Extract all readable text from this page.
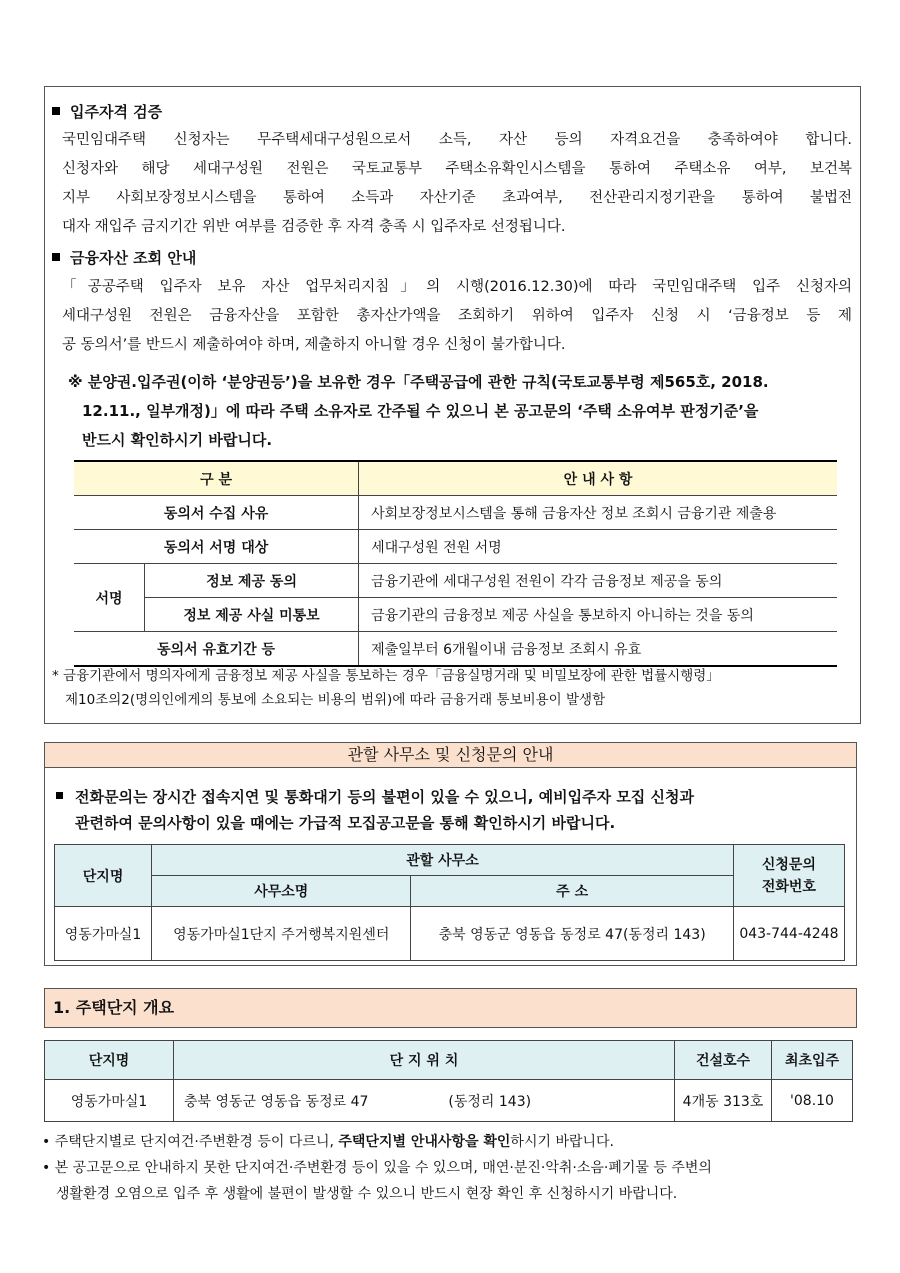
입주자격 검증
국민임대주택 신청자는 무주택세대구성원으로서 소득, 자산 등의 자격요건을 충족하여야 합니다.
신청자와 해당 세대구성원 전원은 국토교통부 주택소유확인시스템을 통하여 주택소유 여부, 보건복
지부 사회보장정보시스템을 통하여 소득과 자산기준 초과여부, 전산관리지정기관을 통하여 불법전
대자 재입주 금지기간 위반 여부를 검증한 후 자격 충족 시 입주자로 선정됩니다.
금융자산 조회 안내
「공공주택 입주자 보유 자산 업무처리지침」의 시행(2016.12.30)에 따라 국민임대주택 입주 신청자의
세대구성원 전원은 금융자산을 포함한 총자산가액을 조회하기 위하여 입주자 신청 시 ‘금융정보 등 제
공 동의서’를 반드시 제출하여야 하며, 제출하지 아니할 경우 신청이 불가합니다.
※ 분양권.입주권(이하 ‘분양권등’)을 보유한 경우「주택공급에 관한 규칙(국토교통부령 제565호, 2018.
12.11., 일부개정)」에 따라 주택 소유자로 간주될 수 있으니 본 공고문의 ‘주택 소유여부 판정기준’을
반드시 확인하시기 바랍니다.
구 분		안 내 사 항
동의서 수집 사유		사회보장정보시스템을 통해 금융자산 정보 조회시 금융기관 제출용
동의서 서명 대상		세대구성원 전원 서명
서명	정보 제공 동의	금융기관에 세대구성원 전원이 각각 금융정보 제공을 동의
	정보 제공 사실 미통보	금융기관의 금융정보 제공 사실을 통보하지 아니하는 것을 동의
동의서 유효기간 등		제출일부터 6개월이내 금융정보 조회시 유효
* 금융기관에서 명의자에게 금융정보 제공 사실을 통보하는 경우「금융실명거래 및 비밀보장에 관한 법률시행령」
제10조의2(명의인에게의 통보에 소요되는 비용의 범위)에 따라 금융거래 통보비용이 발생함
관할 사무소 및 신청문의 안내
전화문의는 장시간 접속지연 및 통화대기 등의 불편이 있을 수 있으니, 예비입주자 모집 신청과
관련하여 문의사항이 있을 때에는 가급적 모집공고문을 통해 확인하시기 바랍니다.
단지명	관할 사무소		신청문의
전화번호
	사무소명	주 소	
영동가마실1	영동가마실1단지 주거행복지원센터	충북 영동군 영동읍 동정로 47(동정리 143)	043-744-4248
1. 주택단지 개요
단지명	단 지 위 치	건설호수	최초입주
영동가마실1	충북 영동군 영동읍 동정로 47 (동정리 143)	4개동 313호	'08.10
• 주택단지별로 단지여건·주변환경 등이 다르니, 주택단지별 안내사항을 확인하시기 바랍니다.
• 본 공고문으로 안내하지 못한 단지여건·주변환경 등이 있을 수 있으며, 매연·분진·악취·소음·폐기물 등 주변의
생활환경 오염으로 입주 후 생활에 불편이 발생할 수 있으니 반드시 현장 확인 후 신청하시기 바랍니다.
